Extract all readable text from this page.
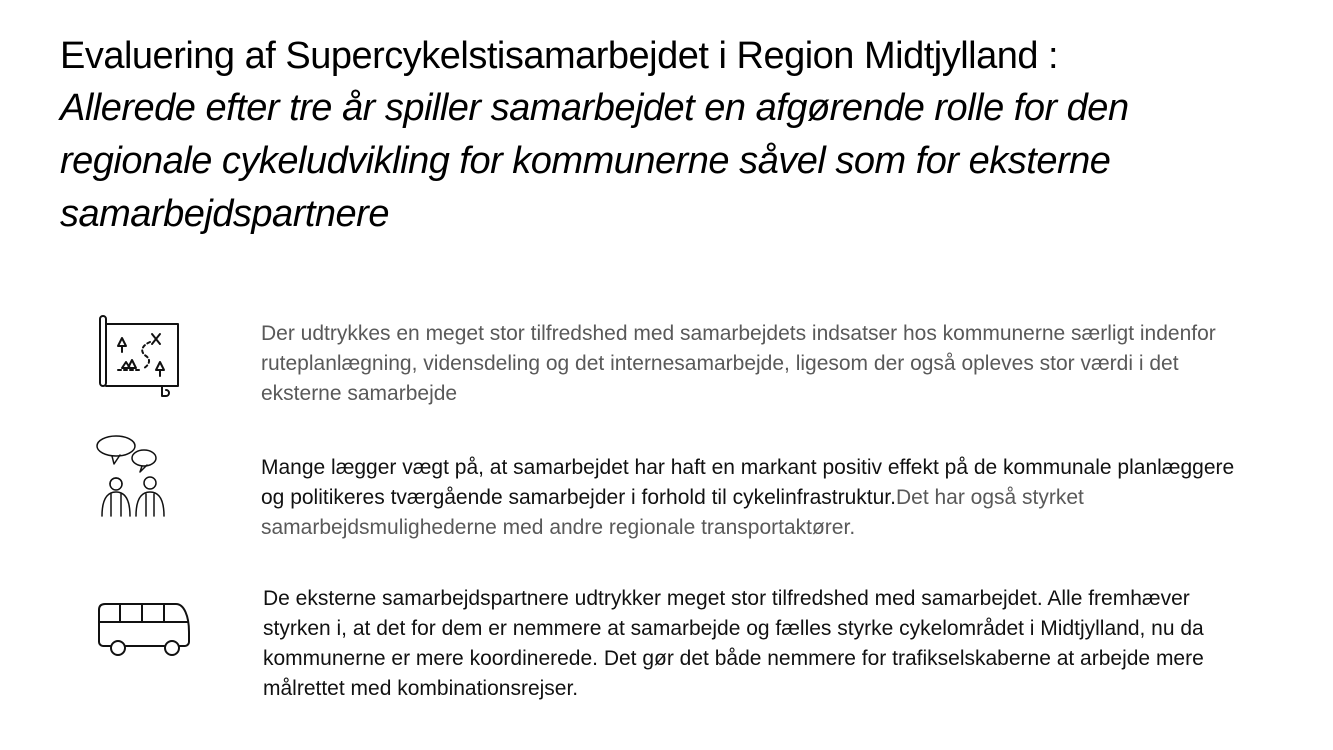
Evaluering af Supercykelstisamarbejdet i Region Midtjylland :
Allerede efter tre år spiller samarbejdet en afgørende rolle for den regionale cykeludvikling for kommunerne såvel som for eksterne samarbejdspartnere
Der udtrykkes en meget stor tilfredshed med samarbejdets indsatser hos kommunerne særligt indenfor ruteplanlægning, vidensdeling og det internesamarbejde, ligesom der også opleves stor værdi i det eksterne samarbejde
Mange lægger vægt på, at samarbejdet har haft en markant positiv effekt på de kommunale planlæggere og politikeres tværgående samarbejder i forhold til cykelinfrastruktur.Det har også styrket samarbejdsmulighederne med andre regionale transportaktører.
De eksterne samarbejdspartnere udtrykker meget stor tilfredshed med samarbejdet. Alle fremhæver styrken i, at det for dem er nemmere at samarbejde og fælles styrke cykelområdet i Midtjylland, nu da kommunerne er mere koordinerede. Det gør det både nemmere for trafikselskaberne at arbejde mere målrettet med kombinationsrejser.
